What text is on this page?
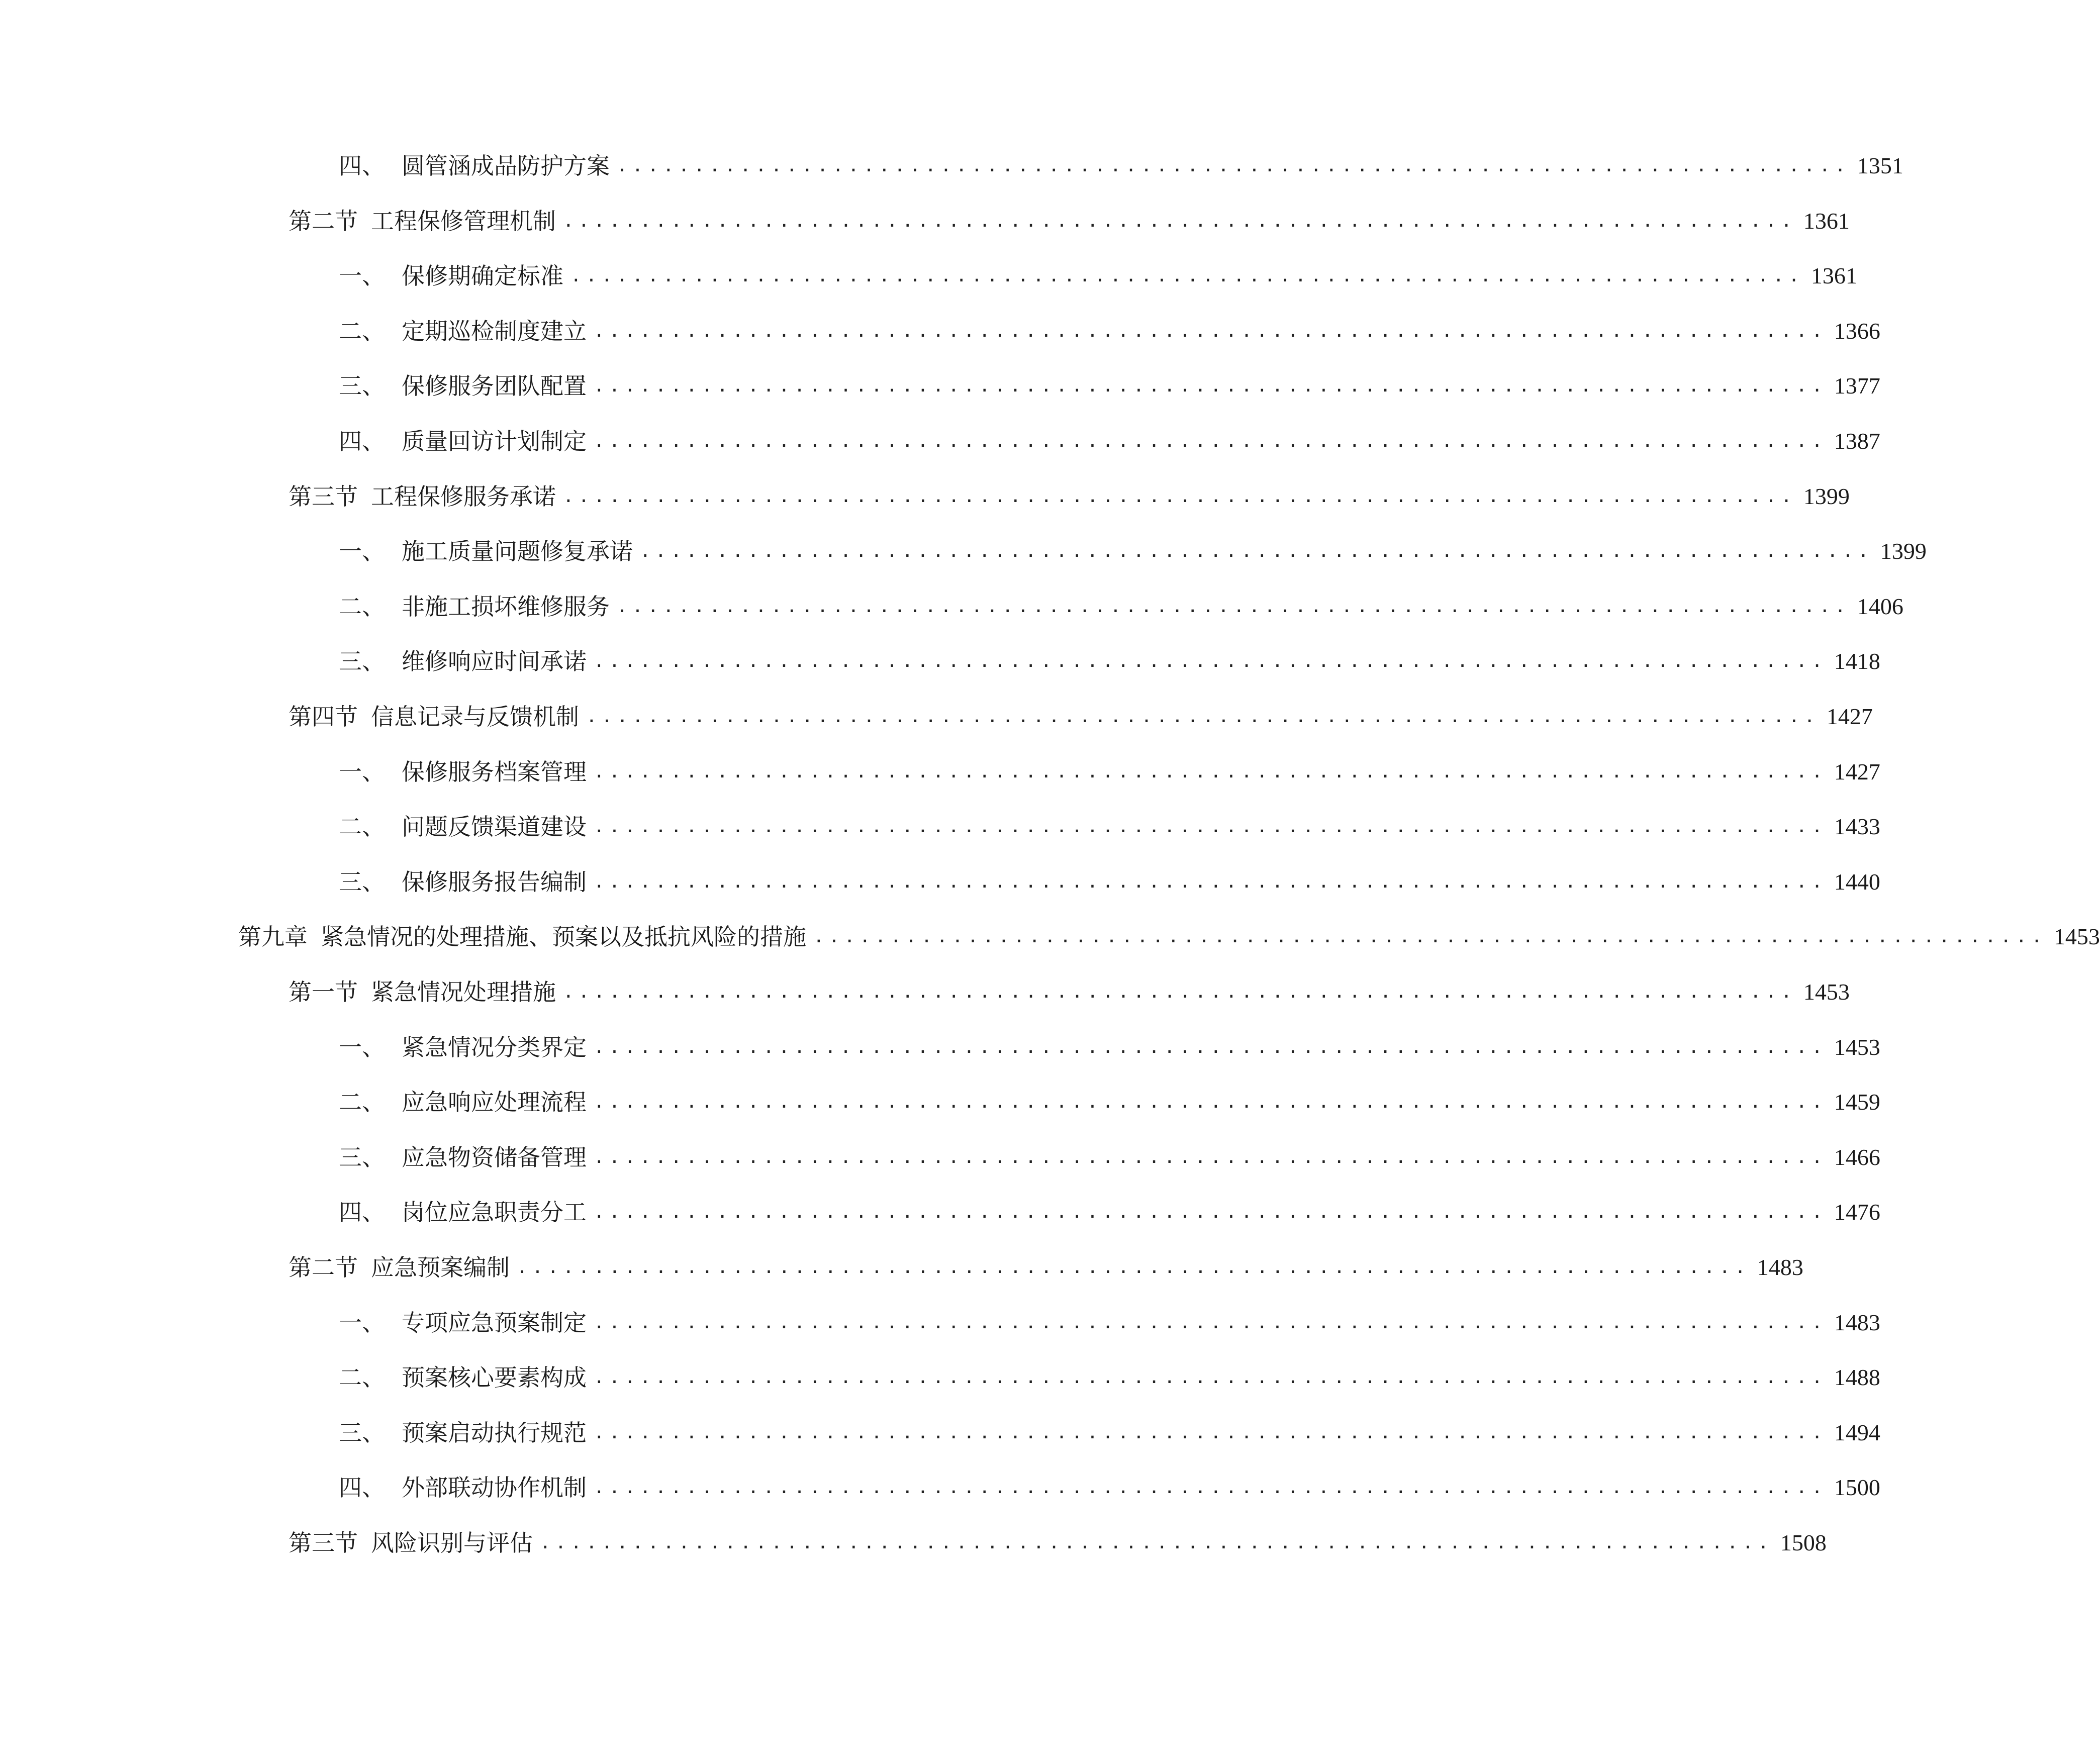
四、 圆管涵成品防护方案 ................................................................................ 1351
第二节 工程保修管理机制 ................................................................................ 1361
一、 保修期确定标准 ................................................................................ 1361
二、 定期巡检制度建立 ................................................................................ 1366
三、 保修服务团队配置 ................................................................................ 1377
四、 质量回访计划制定 ................................................................................ 1387
第三节 工程保修服务承诺 ................................................................................ 1399
一、 施工质量问题修复承诺 ................................................................................ 1399
二、 非施工损坏维修服务 ................................................................................ 1406
三、 维修响应时间承诺 ................................................................................ 1418
第四节 信息记录与反馈机制 ................................................................................ 1427
一、 保修服务档案管理 ................................................................................ 1427
二、 问题反馈渠道建设 ................................................................................ 1433
三、 保修服务报告编制 ................................................................................ 1440
第九章 紧急情况的处理措施、预案以及抵抗风险的措施 ................................................................................ 1453
第一节 紧急情况处理措施 ................................................................................ 1453
一、 紧急情况分类界定 ................................................................................ 1453
二、 应急响应处理流程 ................................................................................ 1459
三、 应急物资储备管理 ................................................................................ 1466
四、 岗位应急职责分工 ................................................................................ 1476
第二节 应急预案编制 ................................................................................ 1483
一、 专项应急预案制定 ................................................................................ 1483
二、 预案核心要素构成 ................................................................................ 1488
三、 预案启动执行规范 ................................................................................ 1494
四、 外部联动协作机制 ................................................................................ 1500
第三节 风险识别与评估 ................................................................................ 1508
